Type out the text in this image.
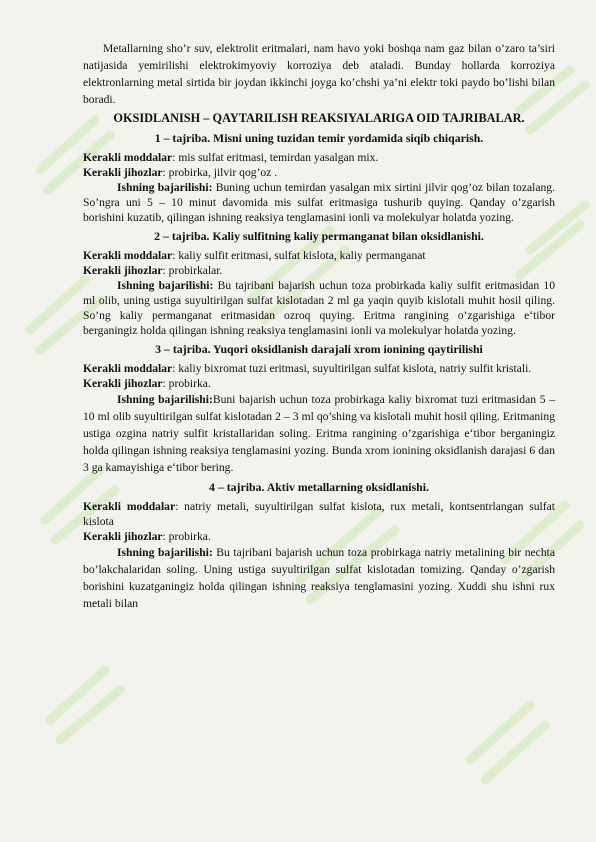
Metallarning sho’r suv, elektrolit eritmalari, nam havo yoki boshqa nam gaz bilan o’zaro ta’siri natijasida yemirilishi elektrokimyoviy korroziya deb ataladi. Bunday hollarda korroziya elektronlarning metal sirtida bir joydan ikkinchi joyga ko’chshi ya’ni elektr toki paydo bo’lishi bilan boradi.

OKSIDLANISH – QAYTARILISH REAKSIYALARIGA OID TAJRIBALAR.

1 – tajriba. Misni uning tuzidan temir yordamida siqib chiqarish.

Kerakli moddalar: mis sulfat eritmasi, temirdan yasalgan mix.

Kerakli jihozlar: probirka, jilvir qog’oz .

Ishning bajarilishi: Buning uchun temirdan yasalgan mix sirtini jilvir qog’oz bilan tozalang. So’ngra uni 5 – 10 minut davomida mis sulfat eritmasiga tushurib quying. Qanday o’zgarish borishini kuzatib, qilingan ishning reaksiya tenglamasini ionli va molekulyar holatda yozing.

2 – tajriba. Kaliy sulfitning kaliy permanganat bilan oksidlanishi.

Kerakli moddalar: kaliy sulfit eritmasi, sulfat kislota, kaliy permanganat

Kerakli jihozlar: probirkalar.

Ishning bajarilishi: Bu tajribani bajarish uchun toza probirkada kaliy sulfit eritmasidan 10 ml olib, uning ustiga suyultirilgan sulfat kislotadan 2 ml ga yaqin quyib kislotali muhit hosil qiling. So’ng kaliy permanganat eritmasidan ozroq quying. Eritma rangining o’zgarishiga e‘tibor berganingiz holda qilingan ishning reaksiya tenglamasini ionli va molekulyar holatda yozing.

3 – tajriba. Yuqori oksidlanish darajali xrom ionining qaytirilishi

Kerakli moddalar: kaliy bixromat tuzi eritmasi, suyultirilgan sulfat kislota, natriy sulfit kristali.

Kerakli jihozlar: probirka.

Ishning bajarilishi:Buni bajarish uchun toza probirkaga kaliy bixromat tuzi eritmasidan 5 – 10 ml olib suyultirilgan sulfat kislotadan 2 – 3 ml qo’shing va kislotali muhit hosil qiling. Eritmaning ustiga ozgina natriy sulfit kristallaridan soling. Eritma rangining o’zgarishiga e‘tibor berganingiz holda qilingan ishning reaksiya tenglamasini yozing. Bunda xrom ionining oksidlanish darajasi 6 dan 3 ga kamayishiga e‘tibor bering.

4 – tajriba. Aktiv metallarning oksidlanishi.

Kerakli moddalar: natriy metali, suyultirilgan sulfat kislota, rux metali, kontsentrlangan sulfat kislota

Kerakli jihozlar: probirka.

Ishning bajarilishi: Bu tajribani bajarish uchun toza probirkaga natriy metalining bir nechta bo’lakchalaridan soling. Uning ustiga suyultirilgan sulfat kislotadan tomizing. Qanday o’zgarish borishini kuzatganingiz holda qilingan ishning reaksiya tenglamasini yozing. Xuddi shu ishni rux metali bilan
